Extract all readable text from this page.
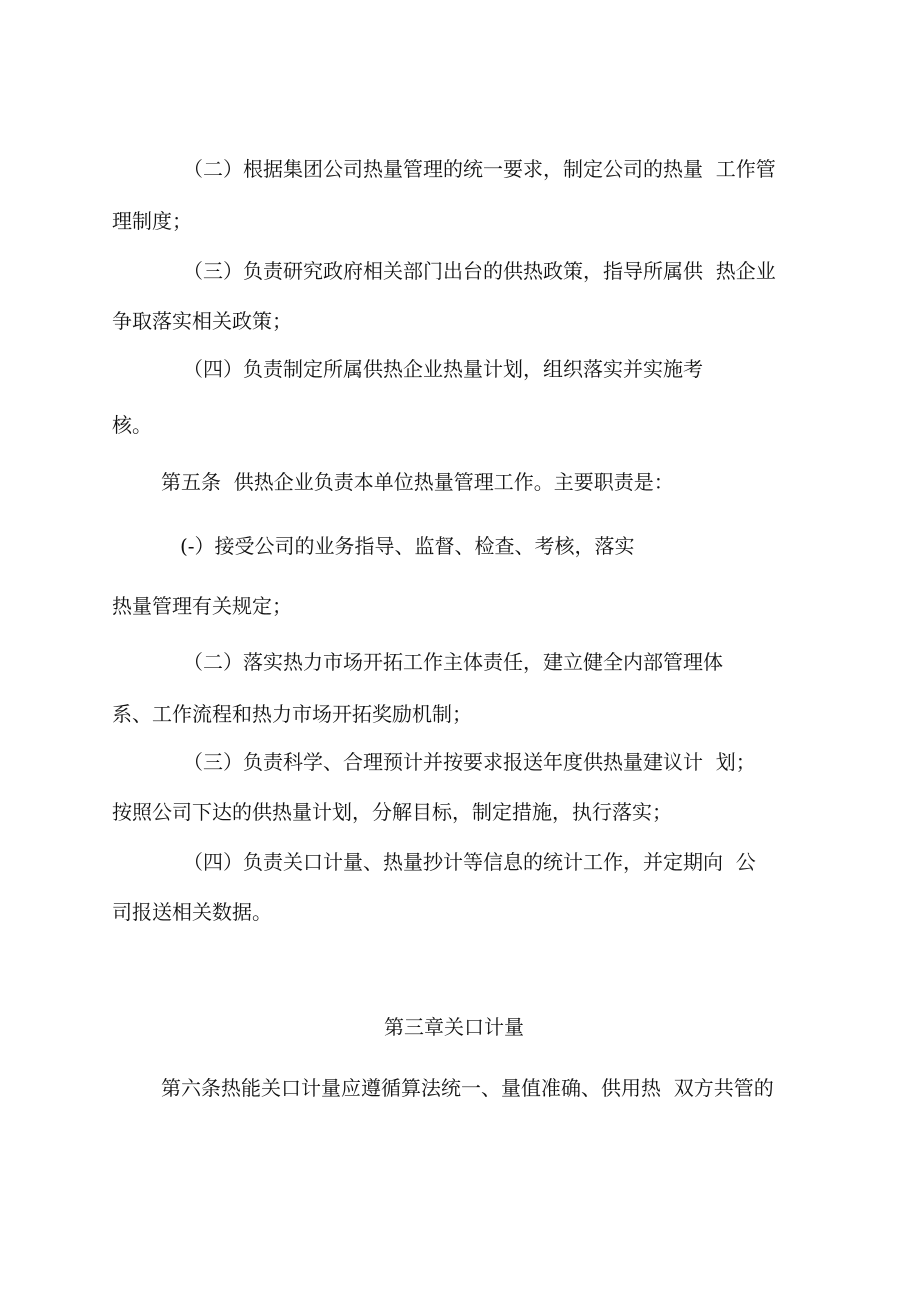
（二）根据集团公司热量管理的统一要求，制定公司的热量  工作管

理制度；

（三）负责研究政府相关部门出台的供热政策，指导所属供  热企业

争取落实相关政策；

（四）负责制定所属供热企业热量计划，组织落实并实施考

核。

第五条  供热企业负责本单位热量管理工作。主要职责是：

(-）接受公司的业务指导、监督、检查、考核，落实

热量管理有关规定；

（二）落实热力市场开拓工作主体责任，建立健全内部管理体

系、工作流程和热力市场开拓奖励机制；

（三）负责科学、合理预计并按要求报送年度供热量建议计  划；

按照公司下达的供热量计划，分解目标，制定措施，执行落实；

（四）负责关口计量、热量抄计等信息的统计工作，并定期向  公

司报送相关数据。

第三章关口计量

第六条热能关口计量应遵循算法统一、量值准确、供用热  双方共管的
